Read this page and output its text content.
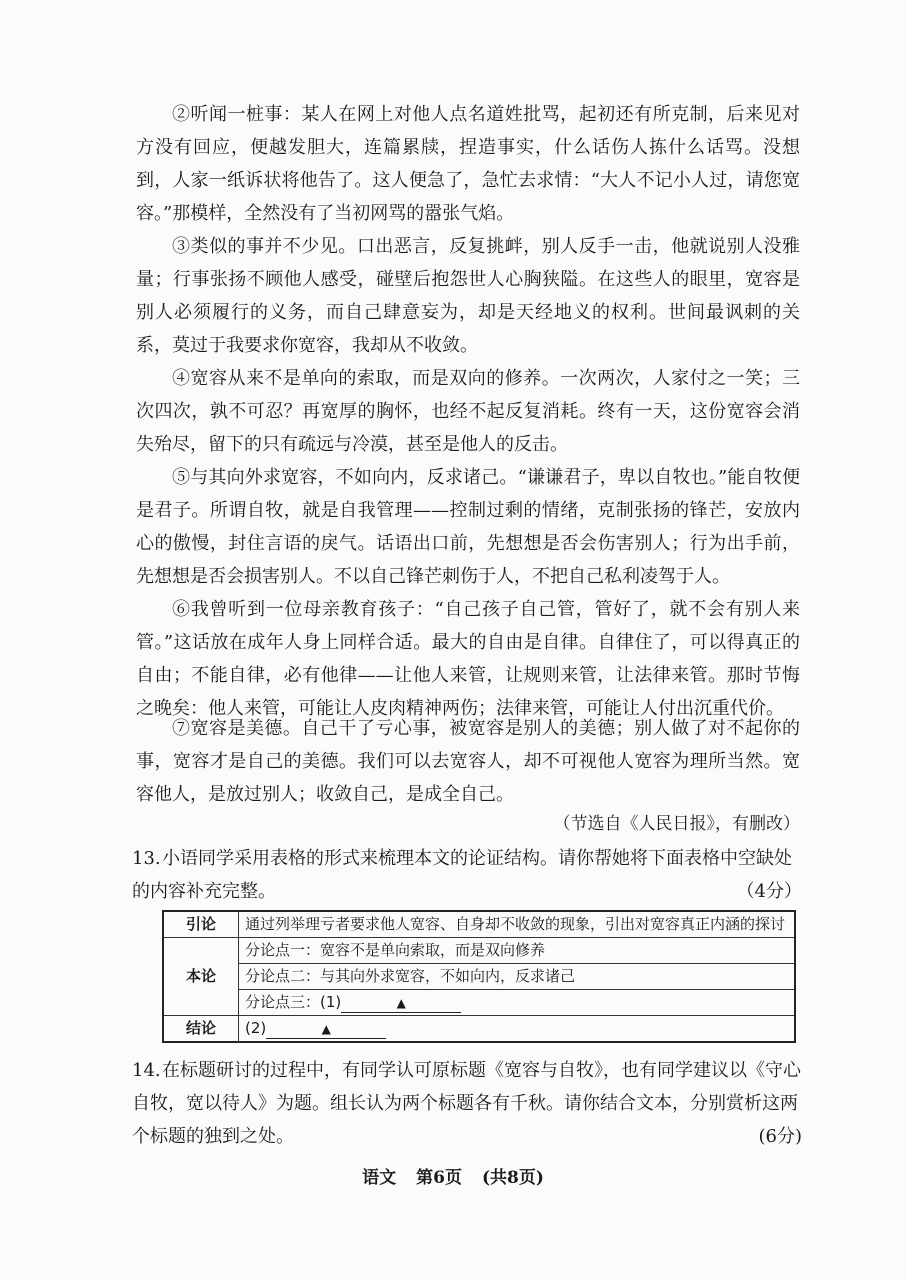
②听闻一桩事：某人在网上对他人点名道姓批骂，起初还有所克制，后来见对方没有回应，便越发胆大，连篇累牍，捏造事实，什么话伤人拣什么话骂。没想到，人家一纸诉状将他告了。这人便急了，急忙去求情：“大人不记小人过，请您宽容。”那模样，全然没有了当初网骂的嚣张气焰。

③类似的事并不少见。口出恶言，反复挑衅，别人反手一击，他就说别人没雅量；行事张扬不顾他人感受，碰壁后抱怨世人心胸狭隘。在这些人的眼里，宽容是别人必须履行的义务，而自己肆意妄为，却是天经地义的权利。世间最讽刺的关系，莫过于我要求你宽容，我却从不收敛。

④宽容从来不是单向的索取，而是双向的修养。一次两次，人家付之一笑；三次四次，孰不可忍？再宽厚的胸怀，也经不起反复消耗。终有一天，这份宽容会消失殆尽，留下的只有疏远与冷漠，甚至是他人的反击。

⑤与其向外求宽容，不如向内，反求诸己。“谦谦君子，卑以自牧也。”能自牧便是君子。所谓自牧，就是自我管理——控制过剩的情绪，克制张扬的锋芒，安放内心的傲慢，封住言语的戾气。话语出口前，先想想是否会伤害别人；行为出手前，先想想是否会损害别人。不以自己锋芒刺伤于人，不把自己私利凌驾于人。

⑥我曾听到一位母亲教育孩子：“自己孩子自己管，管好了，就不会有别人来管。”这话放在成年人身上同样合适。最大的自由是自律。自律住了，可以得真正的自由；不能自律，必有他律——让他人来管，让规则来管，让法律来管。那时节悔之晚矣：他人来管，可能让人皮肉精神两伤；法律来管，可能让人付出沉重代价。

⑦宽容是美德。自己干了亏心事，被宽容是别人的美德；别人做了对不起你的事，宽容才是自己的美德。我们可以去宽容人，却不可视他人宽容为理所当然。宽容他人，是放过别人；收敛自己，是成全自己。

（节选自《人民日报》，有删改）
13.小语同学采用表格的形式来梳理本文的论证结构。请你帮她将下面表格中空缺处的内容补充完整。	（4分）
引论	通过列举理亏者要求他人宽容、自身却不收敛的现象，引出对宽容真正内涵的探讨
本论	分论点一：宽容不是单向索取，而是双向修养
	分论点二：与其向外求宽容，不如向内，反求诸己
	分论点三：(1) ▲
结论	(2) ▲
14.在标题研讨的过程中，有同学认可原标题《宽容与自牧》，也有同学建议以《守心自牧，宽以待人》为题。组长认为两个标题各有千秋。请你结合文本，分别赏析这两个标题的独到之处。	(6分)
语文 第6页 (共8页)
